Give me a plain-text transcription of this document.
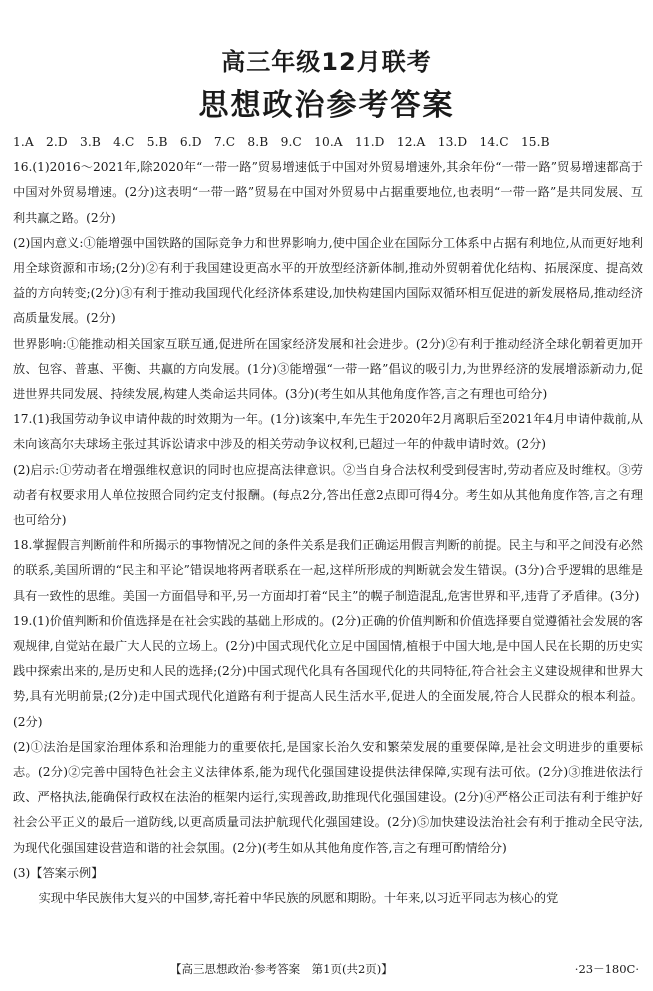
高三年级12月联考
思想政治参考答案
1.A　2.D　3.B　4.C　5.B　6.D　7.C　8.B　9.C　10.A　11.D　12.A　13.D　14.C　15.B
16.(1)2016～2021年,除2020年“一带一路”贸易增速低于中国对外贸易增速外,其余年份“一带一路”贸易增速都高于中国对外贸易增速。(2分)这表明“一带一路”贸易在中国对外贸易中占据重要地位,也表明“一带一路”是共同发展、互利共赢之路。(2分)
(2)国内意义:①能增强中国铁路的国际竞争力和世界影响力,使中国企业在国际分工体系中占据有利地位,从而更好地利用全球资源和市场;(2分)②有利于我国建设更高水平的开放型经济新体制,推动外贸朝着优化结构、拓展深度、提高效益的方向转变;(2分)③有利于推动我国现代化经济体系建设,加快构建国内国际双循环相互促进的新发展格局,推动经济高质量发展。(2分)
世界影响:①能推动相关国家互联互通,促进所在国家经济发展和社会进步。(2分)②有利于推动经济全球化朝着更加开放、包容、普惠、平衡、共赢的方向发展。(1分)③能增强“一带一路”倡议的吸引力,为世界经济的发展增添新动力,促进世界共同发展、持续发展,构建人类命运共同体。(3分)(考生如从其他角度作答,言之有理也可给分)
17.(1)我国劳动争议申请仲裁的时效期为一年。(1分)该案中,车先生于2020年2月离职后至2021年4月申请仲裁前,从未向该高尔夫球场主张过其诉讼请求中涉及的相关劳动争议权利,已超过一年的仲裁申请时效。(2分)
(2)启示:①劳动者在增强维权意识的同时也应提高法律意识。②当自身合法权利受到侵害时,劳动者应及时维权。③劳动者有权要求用人单位按照合同约定支付报酬。(每点2分,答出任意2点即可得4分。考生如从其他角度作答,言之有理也可给分)
18.掌握假言判断前件和所揭示的事物情况之间的条件关系是我们正确运用假言判断的前提。民主与和平之间没有必然的联系,美国所谓的“民主和平论”错误地将两者联系在一起,这样所形成的判断就会发生错误。(3分)合乎逻辑的思维是具有一致性的思维。美国一方面倡导和平,另一方面却打着“民主”的幌子制造混乱,危害世界和平,违背了矛盾律。(3分)
19.(1)价值判断和价值选择是在社会实践的基础上形成的。(2分)正确的价值判断和价值选择要自觉遵循社会发展的客观规律,自觉站在最广大人民的立场上。(2分)中国式现代化立足中国国情,植根于中国大地,是中国人民在长期的历史实践中探索出来的,是历史和人民的选择;(2分)中国式现代化具有各国现代化的共同特征,符合社会主义建设规律和世界大势,具有光明前景;(2分)走中国式现代化道路有利于提高人民生活水平,促进人的全面发展,符合人民群众的根本利益。(2分)
(2)①法治是国家治理体系和治理能力的重要依托,是国家长治久安和繁荣发展的重要保障,是社会文明进步的重要标志。(2分)②完善中国特色社会主义法律体系,能为现代化强国建设提供法律保障,实现有法可依。(2分)③推进依法行政、严格执法,能确保行政权在法治的框架内运行,实现善政,助推现代化强国建设。(2分)④严格公正司法有利于维护好社会公平正义的最后一道防线,以更高质量司法护航现代化强国建设。(2分)⑤加快建设法治社会有利于推动全民守法,为现代化强国建设营造和谐的社会氛围。(2分)(考生如从其他角度作答,言之有理可酌情给分)
(3)【答案示例】
实现中华民族伟大复兴的中国梦,寄托着中华民族的夙愿和期盼。十年来,以习近平同志为核心的党
【高三思想政治·参考答案　第1页(共2页)】	·23－180C·
